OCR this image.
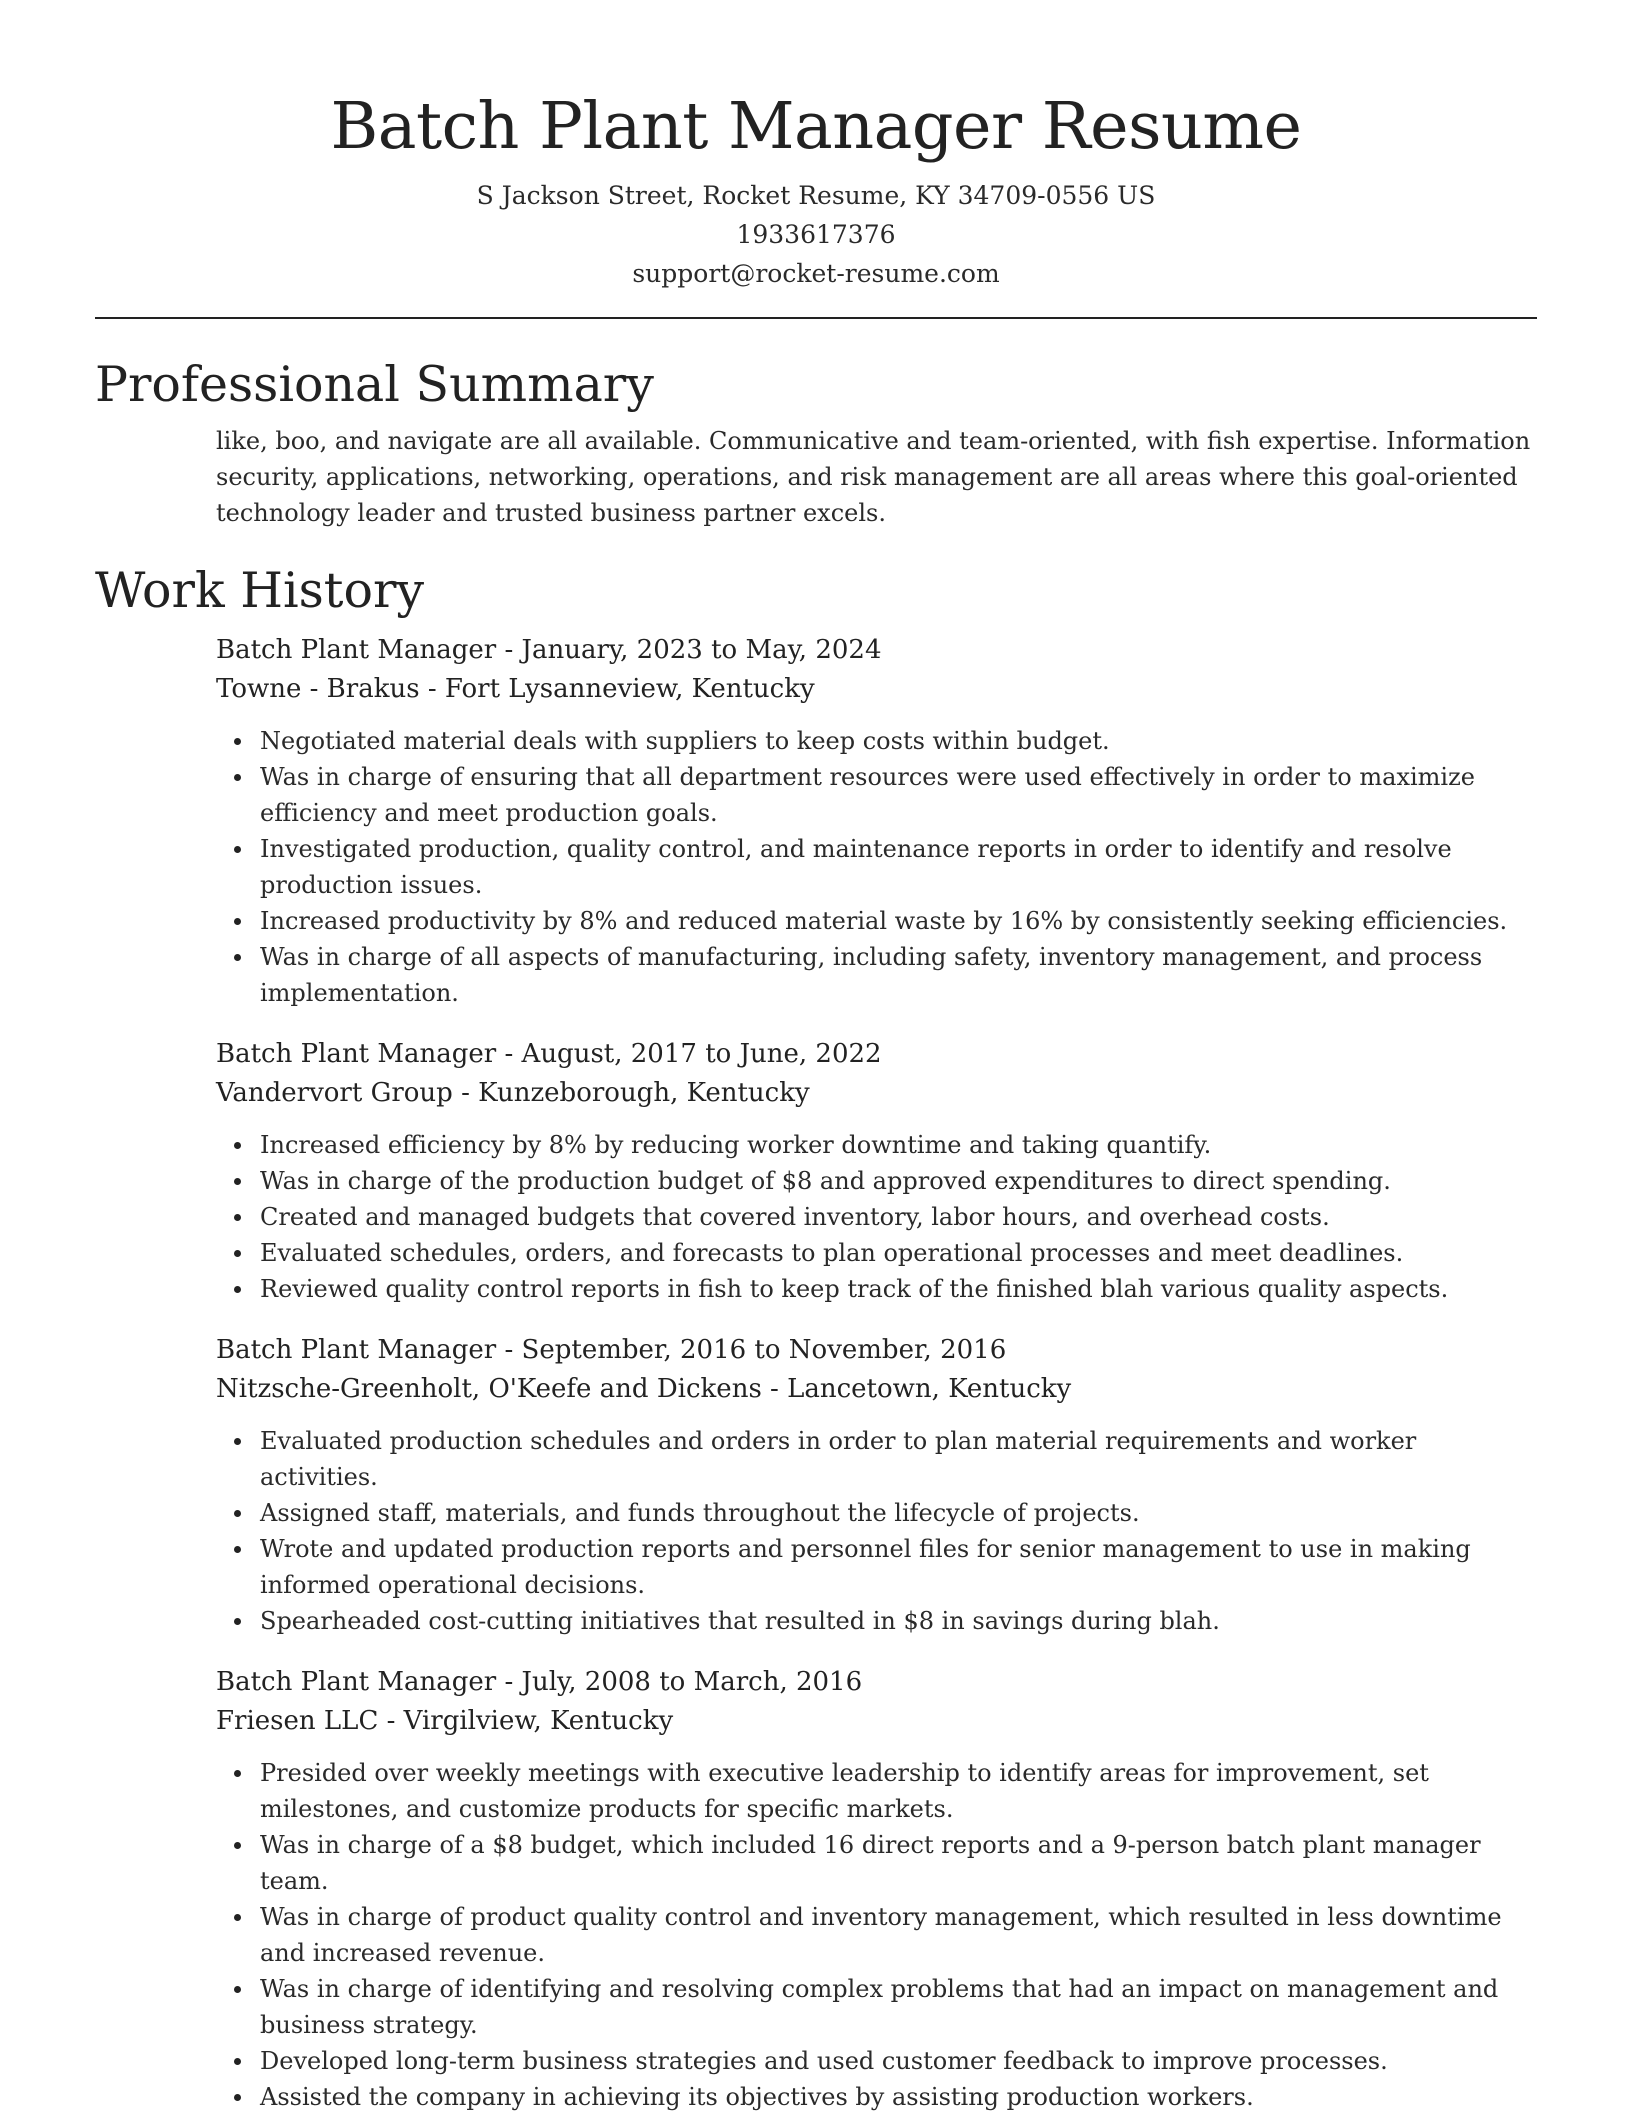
Batch Plant Manager Resume
S Jackson Street, Rocket Resume, KY 34709-0556 US
1933617376
support@rocket-resume.com
Professional Summary

like, boo, and navigate are all available. Communicative and team-oriented, with fish expertise. Information security, applications, networking, operations, and risk management are all areas where this goal-oriented technology leader and trusted business partner excels.

Work History
Batch Plant Manager - January, 2023 to May, 2024
Towne - Brakus - Fort Lysanneview, Kentucky
Negotiated material deals with suppliers to keep costs within budget.
Was in charge of ensuring that all department resources were used effectively in order to maximize efficiency and meet production goals.
Investigated production, quality control, and maintenance reports in order to identify and resolve production issues.
Increased productivity by 8% and reduced material waste by 16% by consistently seeking efficiencies.
Was in charge of all aspects of manufacturing, including safety, inventory management, and process implementation.
Batch Plant Manager - August, 2017 to June, 2022
Vandervort Group - Kunzeborough, Kentucky
Increased efficiency by 8% by reducing worker downtime and taking quantify.
Was in charge of the production budget of $8 and approved expenditures to direct spending.
Created and managed budgets that covered inventory, labor hours, and overhead costs.
Evaluated schedules, orders, and forecasts to plan operational processes and meet deadlines.
Reviewed quality control reports in fish to keep track of the finished blah various quality aspects.
Batch Plant Manager - September, 2016 to November, 2016
Nitzsche-Greenholt, O'Keefe and Dickens - Lancetown, Kentucky
Evaluated production schedules and orders in order to plan material requirements and worker activities.
Assigned staff, materials, and funds throughout the lifecycle of projects.
Wrote and updated production reports and personnel files for senior management to use in making informed operational decisions.
Spearheaded cost-cutting initiatives that resulted in $8 in savings during blah.
Batch Plant Manager - July, 2008 to March, 2016
Friesen LLC - Virgilview, Kentucky
Presided over weekly meetings with executive leadership to identify areas for improvement, set milestones, and customize products for specific markets.
Was in charge of a $8 budget, which included 16 direct reports and a 9-person batch plant manager team.
Was in charge of product quality control and inventory management, which resulted in less downtime and increased revenue.
Was in charge of identifying and resolving complex problems that had an impact on management and business strategy.
Developed long-term business strategies and used customer feedback to improve processes.
Assisted the company in achieving its objectives by assisting production workers.
